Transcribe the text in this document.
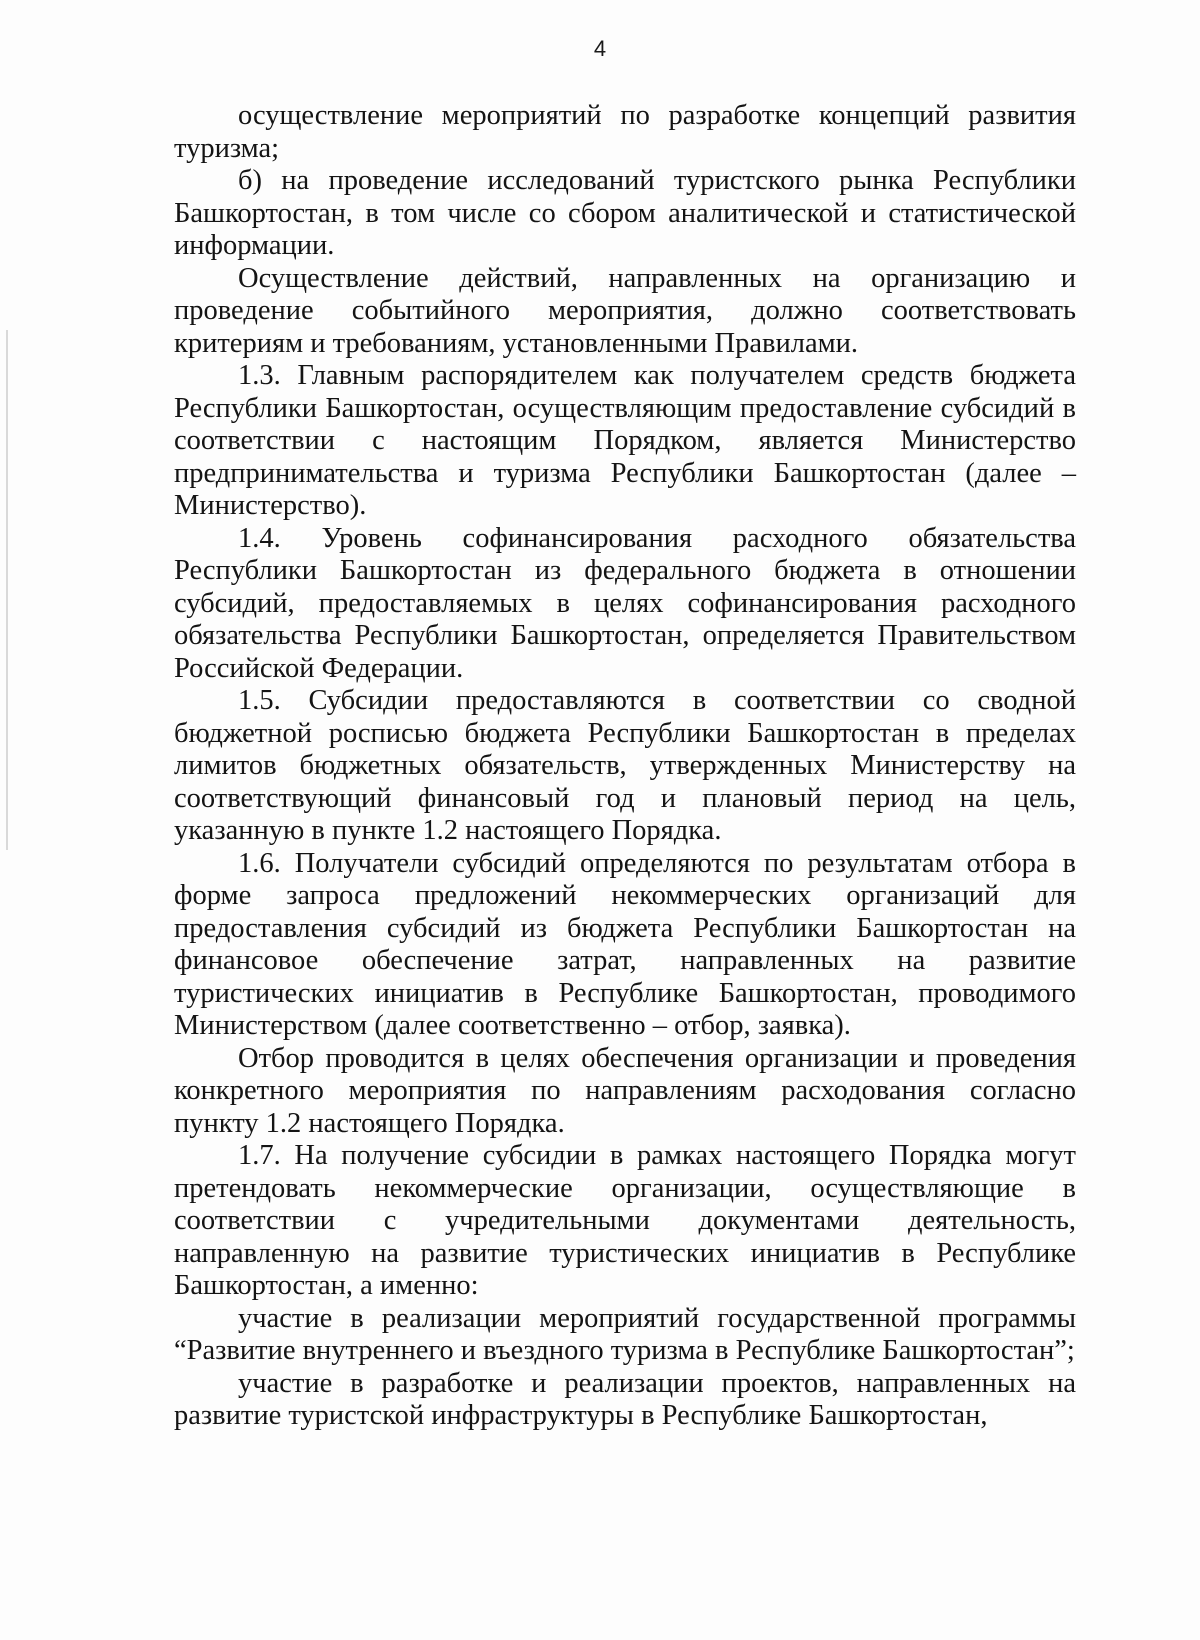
4

осуществление мероприятий по разработке концепций развития туризма;

б) на проведение исследований туристского рынка Республики Башкортостан, в том числе со сбором аналитической и статистической информации.

Осуществление действий, направленных на организацию и проведение событийного мероприятия, должно соответствовать критериям и требованиям, установленными Правилами.

1.3. Главным распорядителем как получателем средств бюджета Республики Башкортостан, осуществляющим предоставление субсидий в соответствии с настоящим Порядком, является Министерство предпринимательства и туризма Республики Башкортостан (далее – Министерство).

1.4. Уровень софинансирования расходного обязательства Республики Башкортостан из федерального бюджета в отношении субсидий, предоставляемых в целях софинансирования расходного обязательства Республики Башкортостан, определяется Правительством Российской Федерации.

1.5. Субсидии предоставляются в соответствии со сводной бюджетной росписью бюджета Республики Башкортостан в пределах лимитов бюджетных обязательств, утвержденных Министерству на соответствующий финансовый год и плановый период на цель, указанную в пункте 1.2 настоящего Порядка.

1.6. Получатели субсидий определяются по результатам отбора в форме запроса предложений некоммерческих организаций для предоставления субсидий из бюджета Республики Башкортостан на финансовое обеспечение затрат, направленных на развитие туристических инициатив в Республике Башкортостан, проводимого Министерством (далее соответственно – отбор, заявка).

Отбор проводится в целях обеспечения организации и проведения конкретного мероприятия по направлениям расходования согласно пункту 1.2 настоящего Порядка.

1.7. На получение субсидии в рамках настоящего Порядка могут претендовать некоммерческие организации, осуществляющие в соответствии с учредительными документами деятельность, направленную на развитие туристических инициатив в Республике Башкортостан, а именно:

участие в реализации мероприятий государственной программы “Развитие внутреннего и въездного туризма в Республике Башкортостан”;

участие в разработке и реализации проектов, направленных на развитие туристской инфраструктуры в Республике Башкортостан,
